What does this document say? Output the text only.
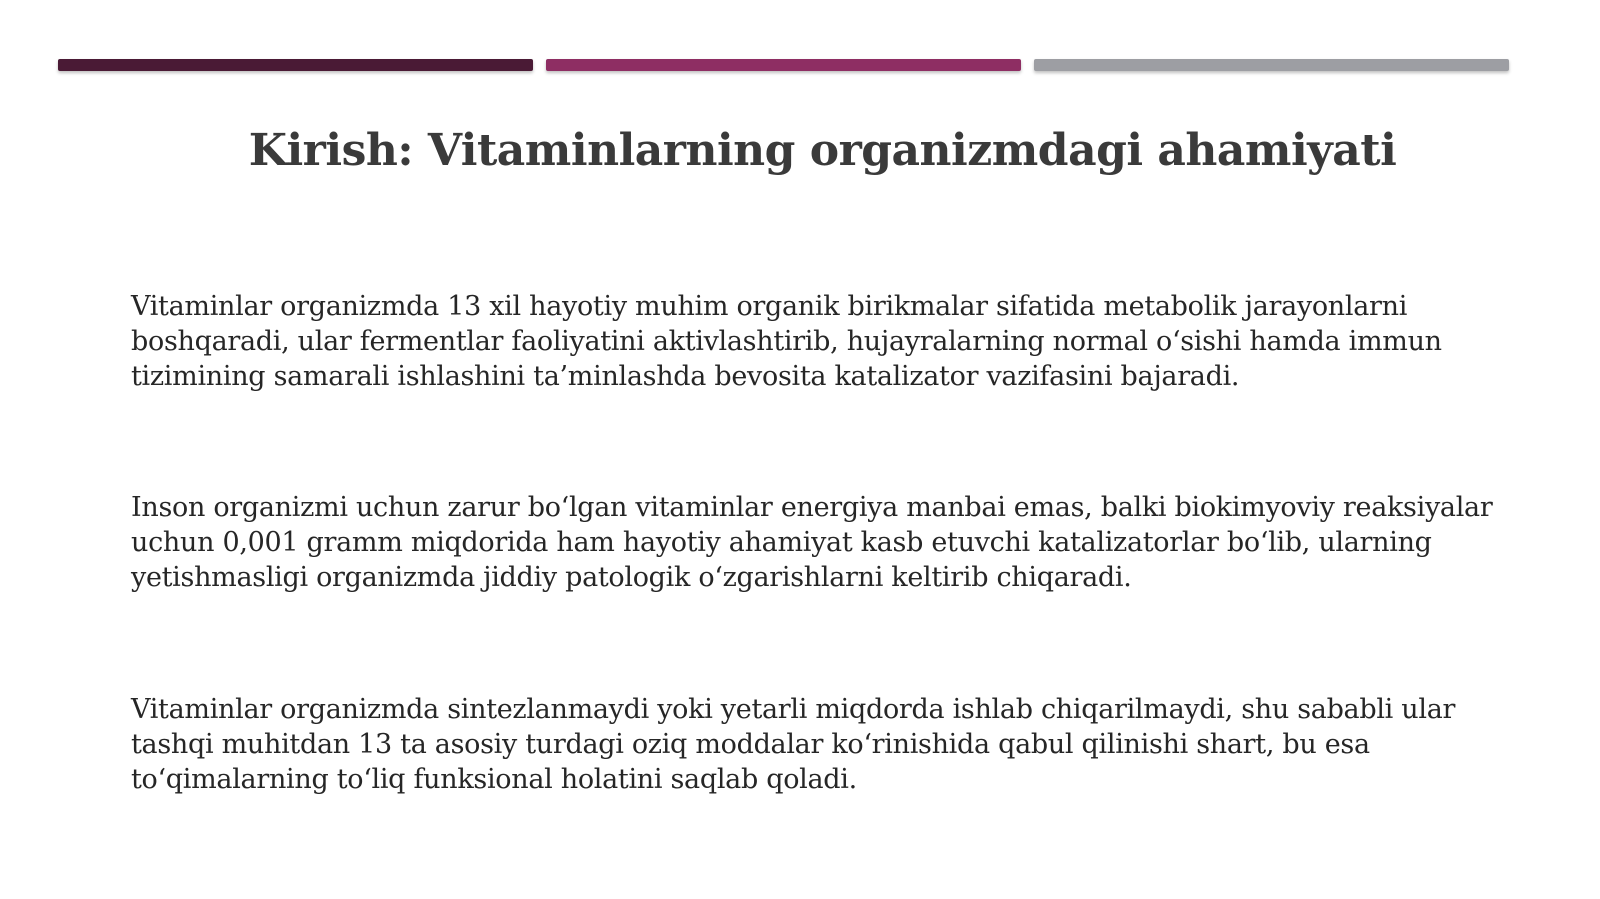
Kirish: Vitaminlarning organizmdagi ahamiyati

Vitaminlar organizmda 13 xil hayotiy muhim organik birikmalar sifatida metabolik jarayonlarni boshqaradi, ular fermentlar faoliyatini aktivlashtirib, hujayralarning normal o‘sishi hamda immun tizimining samarali ishlashini ta’minlashda bevosita katalizator vazifasini bajaradi.

Inson organizmi uchun zarur bo‘lgan vitaminlar energiya manbai emas, balki biokimyoviy reaksiyalar uchun 0,001 gramm miqdorida ham hayotiy ahamiyat kasb etuvchi katalizatorlar bo‘lib, ularning yetishmasligi organizmda jiddiy patologik o‘zgarishlarni keltirib chiqaradi.

Vitaminlar organizmda sintezlanmaydi yoki yetarli miqdorda ishlab chiqarilmaydi, shu sababli ular tashqi muhitdan 13 ta asosiy turdagi oziq moddalar ko‘rinishida qabul qilinishi shart, bu esa to‘qimalarning to‘liq funksional holatini saqlab qoladi.
